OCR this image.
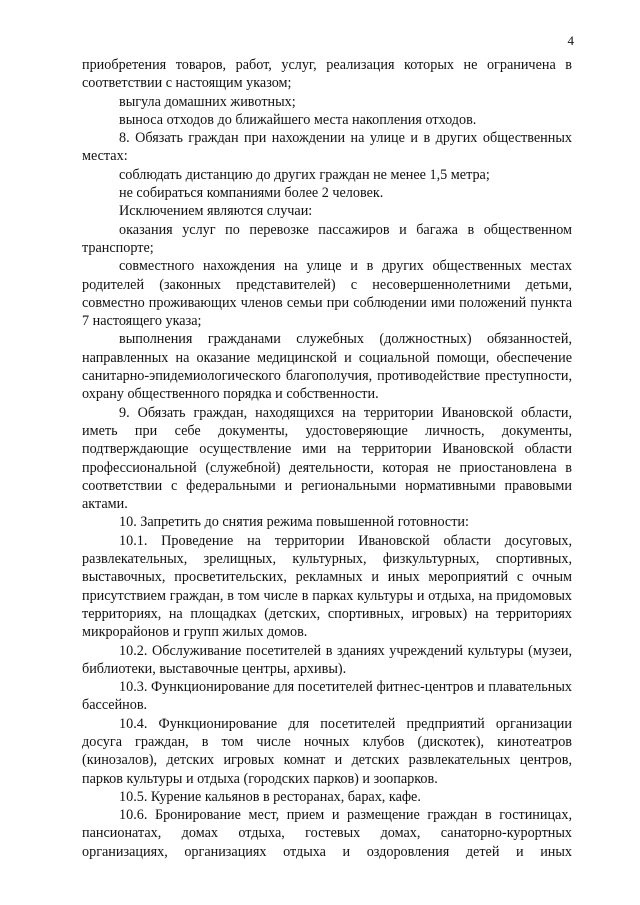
4

приобретения товаров, работ, услуг, реализация которых не ограничена в соответствии с настоящим указом;

выгула домашних животных;

выноса отходов до ближайшего места накопления отходов.

8. Обязать граждан при нахождении на улице и в других общественных местах:

соблюдать дистанцию до других граждан не менее 1,5 метра;

не собираться компаниями более 2 человек.

Исключением являются случаи:

оказания услуг по перевозке пассажиров и багажа в общественном транспорте;

совместного нахождения на улице и в других общественных местах родителей (законных представителей) с несовершеннолетними детьми, совместно проживающих членов семьи при соблюдении ими положений пункта 7 настоящего указа;

выполнения гражданами служебных (должностных) обязанностей, направленных на оказание медицинской и социальной помощи, обеспечение санитарно-эпидемиологического благополучия, противодействие преступности, охрану общественного порядка и собственности.

9. Обязать граждан, находящихся на территории Ивановской области, иметь при себе документы, удостоверяющие личность, документы, подтверждающие осуществление ими на территории Ивановской области профессиональной (служебной) деятельности, которая не приостановлена в соответствии с федеральными и региональными нормативными правовыми актами.

10. Запретить до снятия режима повышенной готовности:

10.1. Проведение на территории Ивановской области досуговых, развлекательных, зрелищных, культурных, физкультурных, спортивных, выставочных, просветительских, рекламных и иных мероприятий с очным присутствием граждан, в том числе в парках культуры и отдыха, на придомовых территориях, на площадках (детских, спортивных, игровых) на территориях микрорайонов и групп жилых домов.

10.2. Обслуживание посетителей в зданиях учреждений культуры (музеи, библиотеки, выставочные центры, архивы).

10.3. Функционирование для посетителей фитнес-центров и плавательных бассейнов.

10.4. Функционирование для посетителей предприятий организации досуга граждан, в том числе ночных клубов (дискотек), кинотеатров (кинозалов), детских игровых комнат и детских развлекательных центров, парков культуры и отдыха (городских парков) и зоопарков.

10.5. Курение кальянов в ресторанах, барах, кафе.

10.6. Бронирование мест, прием и размещение граждан в гостиницах, пансионатах, домах отдыха, гостевых домах, санаторно-курортных организациях, организациях отдыха и оздоровления детей и иных
